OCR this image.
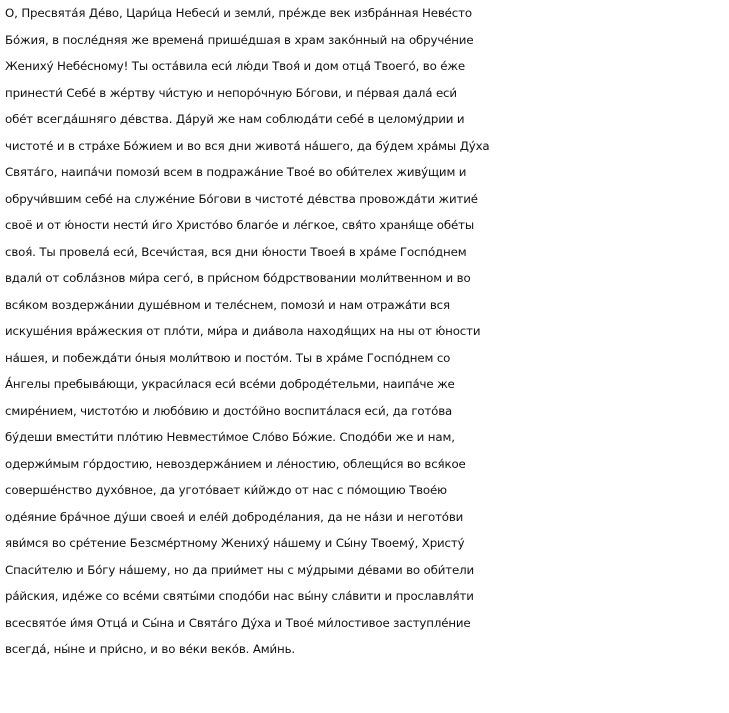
О, Пресвята́я Де́во, Цари́ца Небеси́ и земли́, пре́жде век избра́нная Неве́сто
Бо́жия, в после́дняя же времена́ пришéдшая в храм зако́нный на обруче́ние
Жениху́ Небе́сному! Ты оста́вила еси́ лю́ди Твоя́ и дом отца́ Твоего́, во е́же
принести́ Себе́ в жéртву чи́стую и непоро́чную Бо́гови, и пéрвая дала́ еси́
обе́т всегда́шняго де́вства. Да́руй же нам соблюда́ти себе́ в целому́дрии и
чистоте́ и в стра́хе Бо́жием и во вся дни живота́ на́шего, да бу́дем хра́мы Ду́ха
Свята́го, наипа́чи помози́ всем в подража́ние Твое́ во оби́телех живу́щим и
обручи́вшим себе́ на служе́ние Бо́гови в чистоте́ де́вства провожда́ти житие́
своё и от ю́ности нести́ и́го Христо́во благо́е и ле́гкое, свя́то храня́ще обе́ты
своя́. Ты провела́ еси́, Всечи́стая, вся дни ю́ности Твоея́ в хра́ме Госпо́днем
вдали́ от собла́знов ми́ра сего́, в при́сном бо́дрствовании моли́твенном и во
вся́ком воздержа́нии душе́вном и теле́снем, помози́ и нам отража́ти вся
искуше́ния вра́жеския от пло́ти, ми́ра и диа́вола находя́щих на ны от ю́ности
на́шея, и побежда́ти о́ныя моли́твою и посто́м. Ты в хра́ме Госпо́днем со
А́нгелы пребыва́ющи, украси́лася еси́ все́ми доброде́тельми, наипа́че же
смире́нием, чистото́ю и любо́вию и досто́йно воспита́лася еси́, да гото́ва
бу́деши вмести́ти пло́тию Невмести́мое Сло́во Бо́жие. Сподо́би же и нам,
одержи́мым го́рдостию, невоздержа́нием и ле́ностию, облещи́ся во вся́кое
соверше́нство духо́вное, да угото́вает ки́йждо от нас с по́мощию Твое́ю
оде́яние бра́чное ду́ши своея́ и еле́й доброде́лания, да не на́зи и негото́ви
яви́мся во сре́тение Безсме́ртному Жениху́ на́шему и Сы́ну Твоему́, Христу́
Спаси́телю и Бо́гу на́шему, но да прии́мет ны с му́дрыми де́вами во оби́тели
ра́йския, иде́же со все́ми святы́ми сподо́би нас вы́ну сла́вити и прославля́ти
всесвято́е и́мя Отца́ и Сы́на и Свята́го Ду́ха и Твое́ ми́лостивое заступле́ние
всегда́, ны́не и при́сно, и во ве́ки веко́в. Ами́нь.
